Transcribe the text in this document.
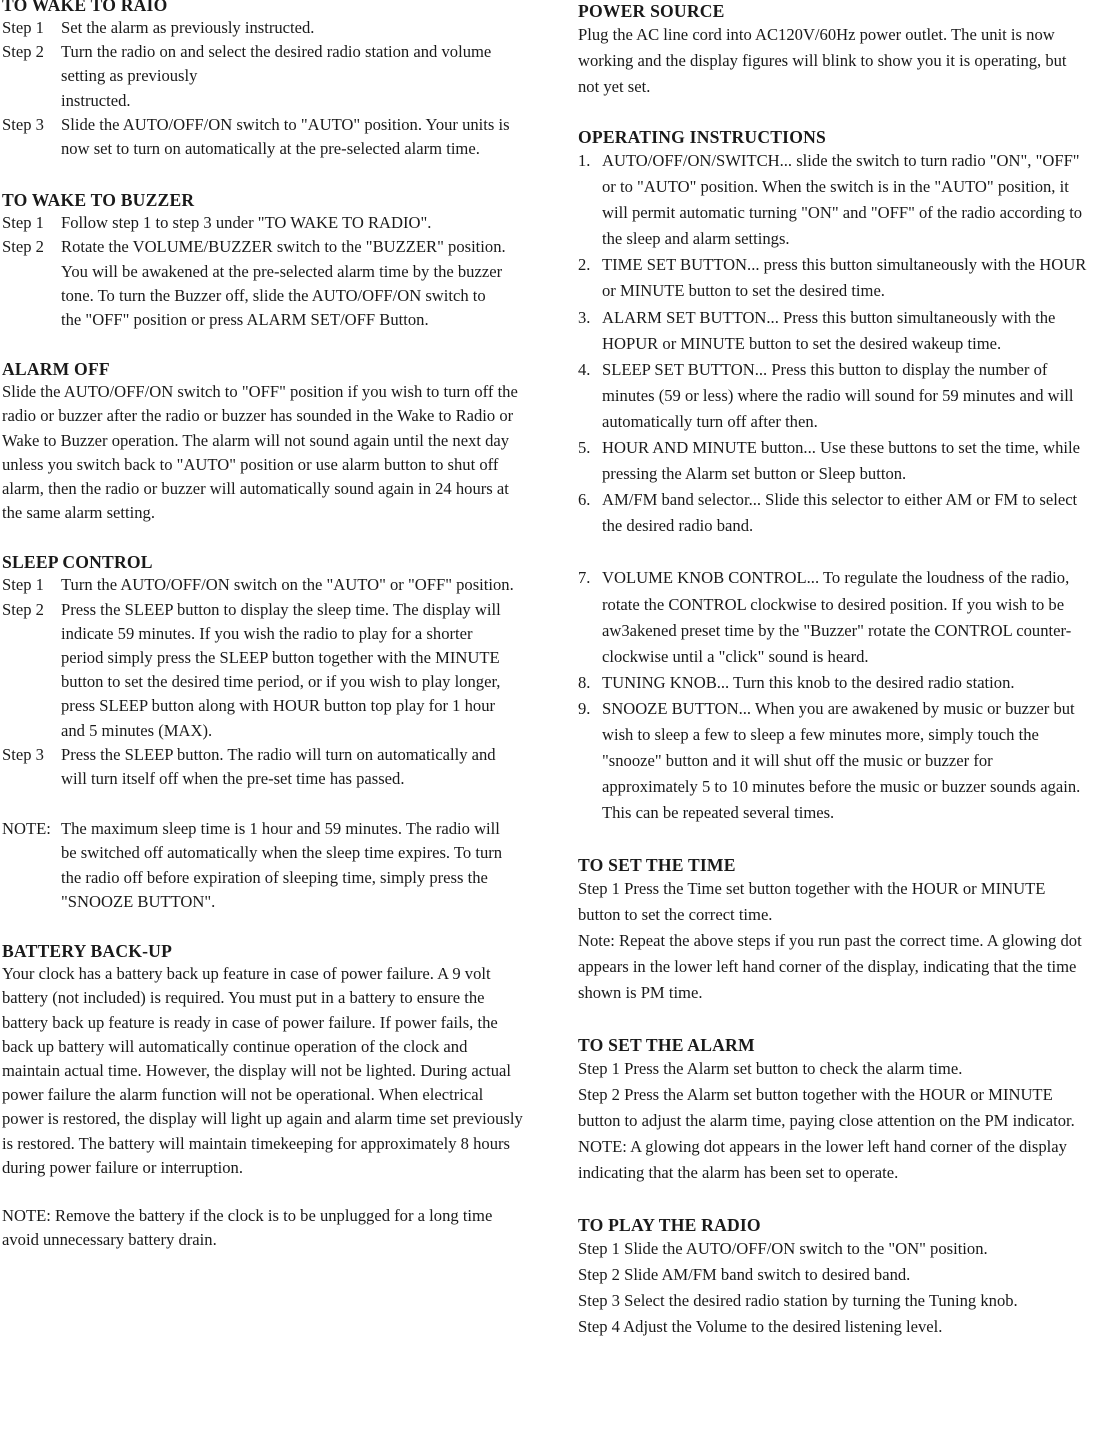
TO WAKE TO RAIO
Step 1 Set the alarm as previously instructed.
Step 2 Turn the radio on and select the desired radio station and volume setting as previously
instructed.
Step 3 Slide the AUTO/OFF/ON switch to "AUTO" position. Your units is now set to turn on automatically at the pre-selected alarm time.
TO WAKE TO BUZZER
Step 1 Follow step 1 to step 3 under "TO WAKE TO RADIO".
Step 2 Rotate the VOLUME/BUZZER switch to the "BUZZER" position. You will be awakened at the pre-selected alarm time by the buzzer tone. To turn the Buzzer off, slide the AUTO/OFF/ON switch to the "OFF" position or press ALARM SET/OFF Button.
ALARM OFF

Slide the AUTO/OFF/ON switch to "OFF" position if you wish to turn off the radio or buzzer after the radio or buzzer has sounded in the Wake to Radio or Wake to Buzzer operation. The alarm will not sound again until the next day unless you switch back to "AUTO" position or use alarm button to shut off alarm, then the radio or buzzer will automatically sound again in 24 hours at the same alarm setting.

SLEEP CONTROL
Step 1 Turn the AUTO/OFF/ON switch on the "AUTO" or "OFF" position.
Step 2 Press the SLEEP button to display the sleep time. The display will indicate 59 minutes. If you wish the radio to play for a shorter period simply press the SLEEP button together with the MINUTE button to set the desired time period, or if you wish to play longer, press SLEEP button along with HOUR button top play for 1 hour and 5 minutes (MAX).
Step 3 Press the SLEEP button. The radio will turn on automatically and will turn itself off when the pre-set time has passed.
NOTE: The maximum sleep time is 1 hour and 59 minutes. The radio will be switched off automatically when the sleep time expires. To turn the radio off before expiration of sleeping time, simply press the "SNOOZE BUTTON".
BATTERY BACK-UP

Your clock has a battery back up feature in case of power failure. A 9 volt battery (not included) is required. You must put in a battery to ensure the battery back up feature is ready in case of power failure. If power fails, the back up battery will automatically continue operation of the clock and maintain actual time. However, the display will not be lighted. During actual power failure the alarm function will not be operational. When electrical power is restored, the display will light up again and alarm time set previously is restored. The battery will maintain timekeeping for approximately 8 hours during power failure or interruption.

NOTE: Remove the battery if the clock is to be unplugged for a long time avoid unnecessary battery drain.

POWER SOURCE

Plug the AC line cord into AC120V/60Hz power outlet. The unit is now working and the display figures will blink to show you it is operating, but not yet set.

OPERATING INSTRUCTIONS
1. AUTO/OFF/ON/SWITCH... slide the switch to turn radio "ON", "OFF" or to "AUTO" position. When the switch is in the "AUTO" position, it will permit automatic turning "ON" and "OFF" of the radio according to the sleep and alarm settings.
2. TIME SET BUTTON... press this button simultaneously with the HOUR or MINUTE button to set the desired time.
3. ALARM SET BUTTON... Press this button simultaneously with the HOPUR or MINUTE button to set the desired wakeup time.
4. SLEEP SET BUTTON... Press this button to display the number of minutes (59 or less) where the radio will sound for 59 minutes and will automatically turn off after then.
5. HOUR AND MINUTE button... Use these buttons to set the time, while pressing the Alarm set button or Sleep button.
6. AM/FM band selector... Slide this selector to either AM or FM to select the desired radio band.
7. VOLUME KNOB CONTROL... To regulate the loudness of the radio, rotate the CONTROL clockwise to desired position. If you wish to be aw3akened preset time by the "Buzzer" rotate the CONTROL counter-clockwise until a "click" sound is heard.
8. TUNING KNOB... Turn this knob to the desired radio station.
9. SNOOZE BUTTON... When you are awakened by music or buzzer but wish to sleep a few to sleep a few minutes more, simply touch the "snooze" button and it will shut off the music or buzzer for approximately 5 to 10 minutes before the music or buzzer sounds again. This can be repeated several times.
TO SET THE TIME

Step 1 Press the Time set button together with the HOUR or MINUTE button to set the correct time.

Note: Repeat the above steps if you run past the correct time. A glowing dot appears in the lower left hand corner of the display, indicating that the time shown is PM time.

TO SET THE ALARM

Step 1 Press the Alarm set button to check the alarm time.

Step 2 Press the Alarm set button together with the HOUR or MINUTE button to adjust the alarm time, paying close attention on the PM indicator.

NOTE: A glowing dot appears in the lower left hand corner of the display indicating that the alarm has been set to operate.

TO PLAY THE RADIO

Step 1 Slide the AUTO/OFF/ON switch to the "ON" position.

Step 2 Slide AM/FM band switch to desired band.

Step 3 Select the desired radio station by turning the Tuning knob.

Step 4 Adjust the Volume to the desired listening level.
